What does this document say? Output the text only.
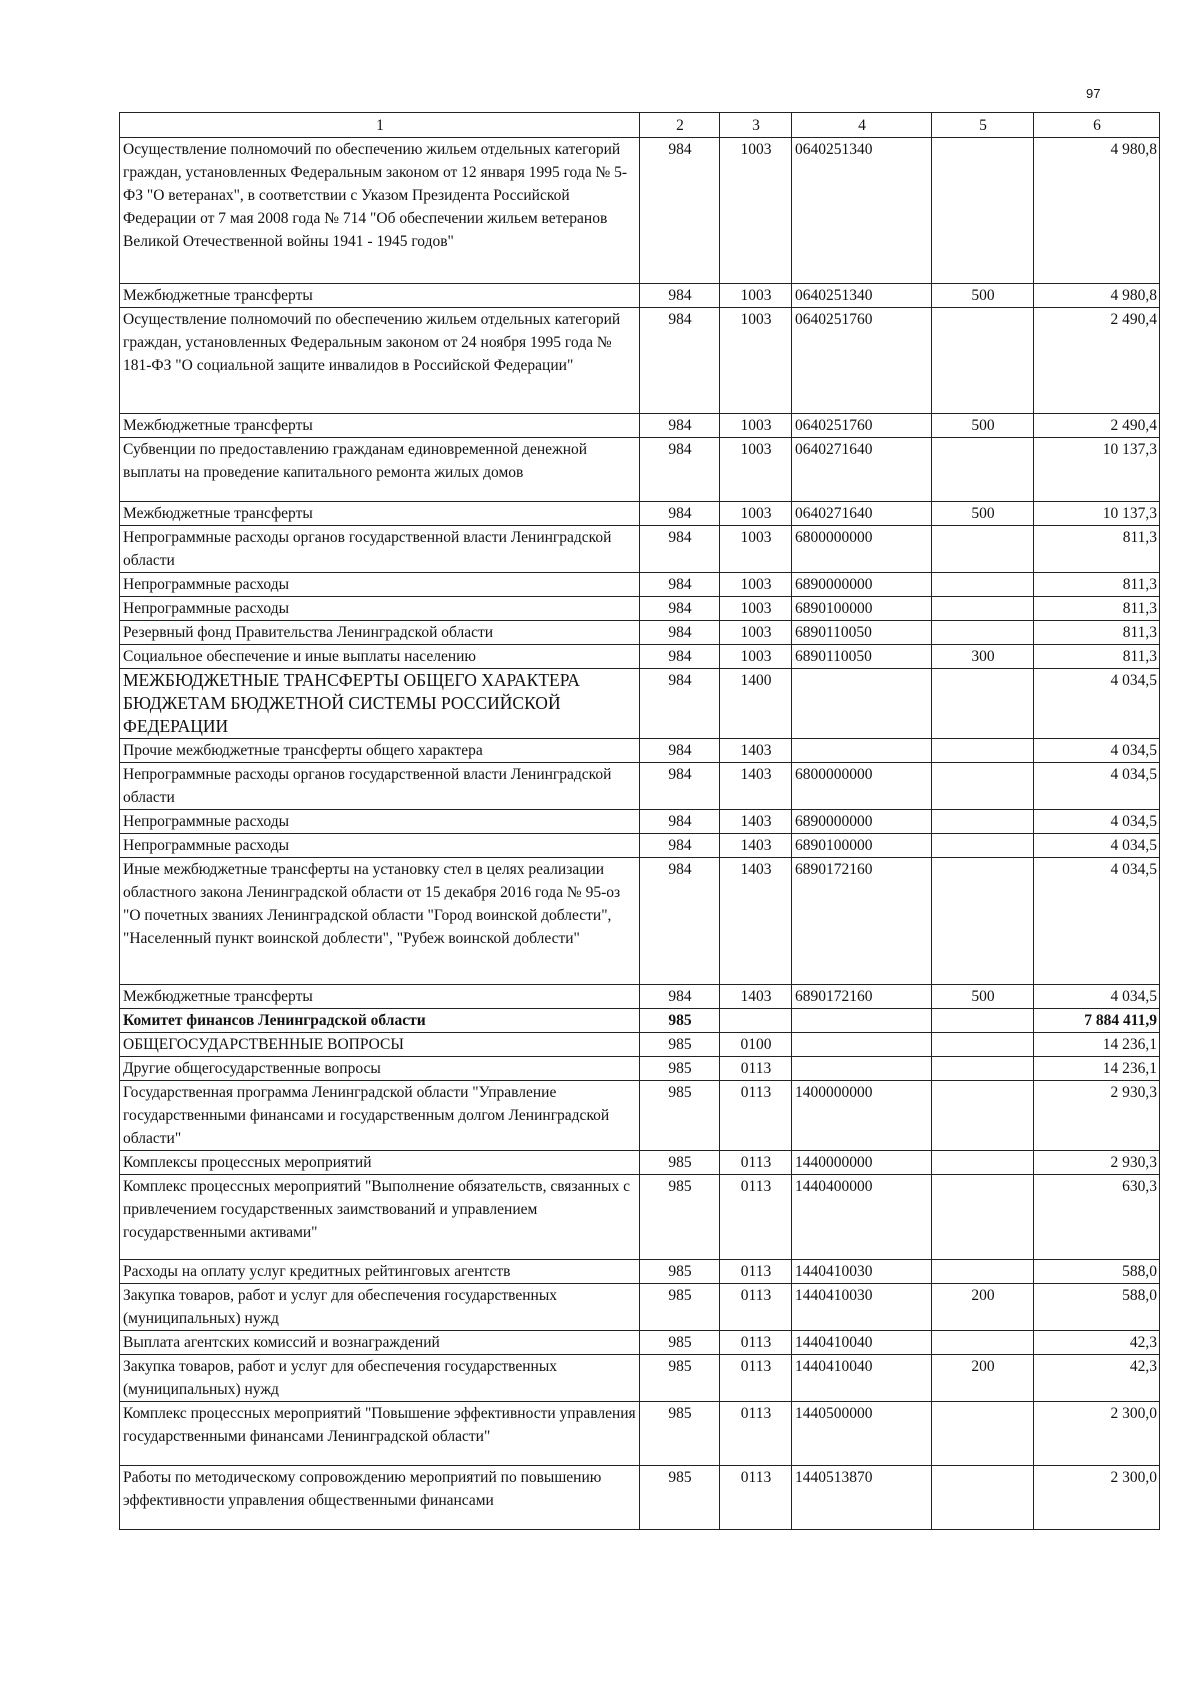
97
1	2	3	4	5	6
Осуществление полномочий по обеспечению жильем отдельных категорий граждан, установленных Федеральным законом от 12 января 1995 года № 5-ФЗ "О ветеранах", в соответствии с Указом Президента Российской Федерации от 7 мая 2008 года № 714 "Об обеспечении жильем ветеранов Великой Отечественной войны 1941 - 1945 годов"	984	1003	0640251340		4 980,8
Межбюджетные трансферты	984	1003	0640251340	500	4 980,8
Осуществление полномочий по обеспечению жильем отдельных категорий граждан, установленных Федеральным законом от 24 ноября 1995 года № 181-ФЗ "О социальной защите инвалидов в Российской Федерации"	984	1003	0640251760		2 490,4
Межбюджетные трансферты	984	1003	0640251760	500	2 490,4
Субвенции по предоставлению гражданам единовременной денежной выплаты на проведение капитального ремонта жилых домов	984	1003	0640271640		10 137,3
Межбюджетные трансферты	984	1003	0640271640	500	10 137,3
Непрограммные расходы органов государственной власти Ленинградской области	984	1003	6800000000		811,3
Непрограммные расходы	984	1003	6890000000		811,3
Непрограммные расходы	984	1003	6890100000		811,3
Резервный фонд Правительства Ленинградской области	984	1003	6890110050		811,3
Социальное обеспечение и иные выплаты населению	984	1003	6890110050	300	811,3
МЕЖБЮДЖЕТНЫЕ ТРАНСФЕРТЫ ОБЩЕГО ХАРАКТЕРА БЮДЖЕТАМ БЮДЖЕТНОЙ СИСТЕМЫ РОССИЙСКОЙ ФЕДЕРАЦИИ	984	1400			4 034,5
Прочие межбюджетные трансферты общего характера	984	1403			4 034,5
Непрограммные расходы органов государственной власти Ленинградской области	984	1403	6800000000		4 034,5
Непрограммные расходы	984	1403	6890000000		4 034,5
Непрограммные расходы	984	1403	6890100000		4 034,5
Иные межбюджетные трансферты на установку стел в целях реализации областного закона Ленинградской области от 15 декабря 2016 года № 95-оз "О почетных званиях Ленинградской области "Город воинской доблести", "Населенный пункт воинской доблести", "Рубеж воинской доблести"	984	1403	6890172160		4 034,5
Межбюджетные трансферты	984	1403	6890172160	500	4 034,5
Комитет финансов Ленинградской области	985				7 884 411,9
ОБЩЕГОСУДАРСТВЕННЫЕ ВОПРОСЫ	985	0100			14 236,1
Другие общегосударственные вопросы	985	0113			14 236,1
Государственная программа Ленинградской области "Управление государственными финансами и государственным долгом Ленинградской области"	985	0113	1400000000		2 930,3
Комплексы процессных мероприятий	985	0113	1440000000		2 930,3
Комплекс процессных мероприятий "Выполнение обязательств, связанных с привлечением государственных заимствований и управлением государственными активами"	985	0113	1440400000		630,3
Расходы на оплату услуг кредитных рейтинговых агентств	985	0113	1440410030		588,0
Закупка товаров, работ и услуг для обеспечения государственных (муниципальных) нужд	985	0113	1440410030	200	588,0
Выплата агентских комиссий и вознаграждений	985	0113	1440410040		42,3
Закупка товаров, работ и услуг для обеспечения государственных (муниципальных) нужд	985	0113	1440410040	200	42,3
Комплекс процессных мероприятий "Повышение эффективности управления государственными финансами Ленинградской области"	985	0113	1440500000		2 300,0
Работы по методическому сопровождению мероприятий по повышению эффективности управления общественными финансами	985	0113	1440513870		2 300,0
